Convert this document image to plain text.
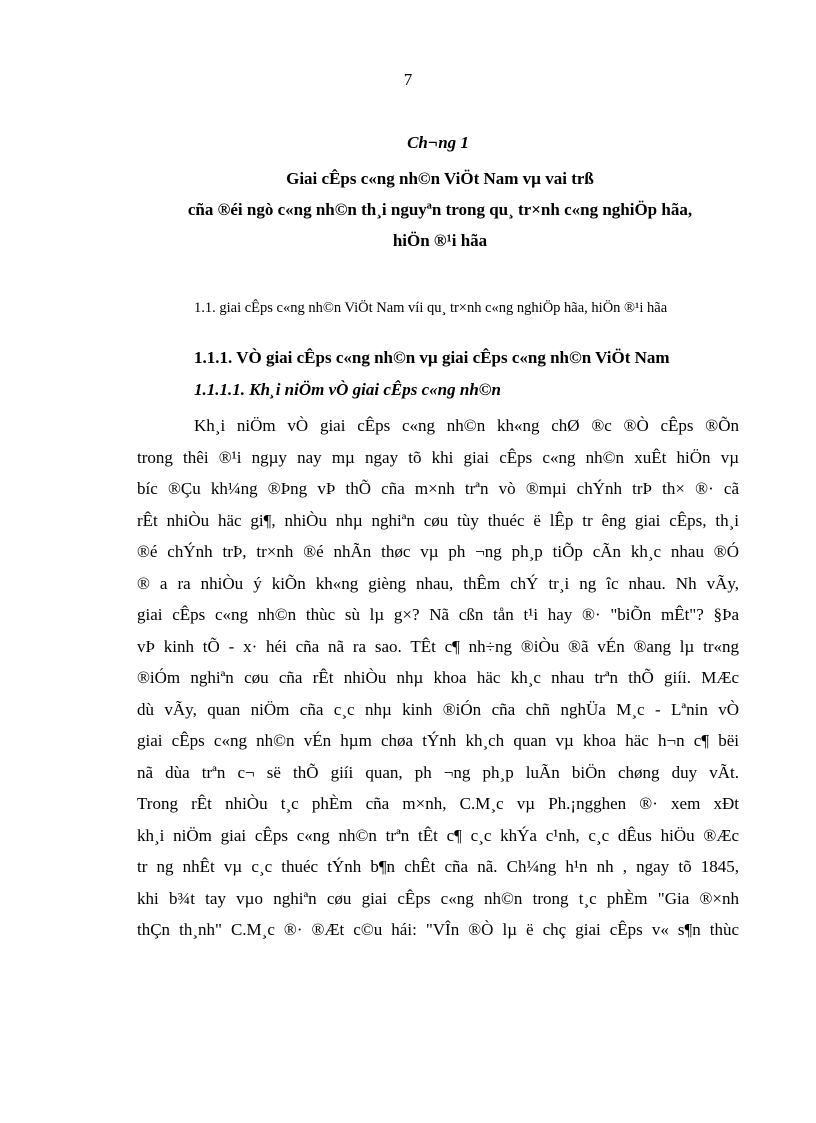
7
Ch¬ng 1
Giai cÊps c«ng nh©n ViÖt Nam vµ vai trß
cña ®éi ngò c«ng nh©n th¸i nguyªn trong qu¸ tr×nh c«ng nghiÖp hãa,
hiÖn ®¹i hãa
1.1. giai cÊps c«ng nh©n ViÖt Nam víi qu¸ tr×nh c«ng nghiÖp hãa, hiÖn ®¹i hãa
1.1.1. VÒ giai cÊps c«ng nh©n vµ giai cÊps c«ng nh©n ViÖt Nam
1.1.1.1. Kh¸i niÖm vÒ giai cÊps c«ng nh©n
Kh¸i niÖm vÒ giai cÊps c«ng nh©n kh«ng chØ ®c ®Ò cÊps ®Õn
trong thêi ®¹i ngµy nay mµ ngay tõ khi giai cÊps c«ng nh©n xuÊt hiÖn vµ
bíc ®Çu kh¼ng ®Þng vÞ thÕ cña m×nh trªn vò ®mµi chÝnh trÞ th× ®· cã
rÊt nhiÒu häc gi¶, nhiÒu nhµ nghiªn cøu tùy thuéc ë lÊp tr êng giai cÊps, th¸i
®é chÝnh trÞ, tr×nh ®é nhÃn thøc vµ ph ¬ng ph¸p tiÕp cÃn kh¸c nhau ®Ó
® a ra nhiÒu ý kiÕn kh«ng gièng nhau, thÊm chÝ tr¸i ng îc nhau. Nh vÃy,
giai cÊps c«ng nh©n thùc sù lµ g×? Nã cßn tån t¹i hay ®· "biÕn mÊt"? §Þa
vÞ kinh tÕ - x· héi cña nã ra sao. TÊt c¶ nh÷ng ®iÒu ®ã vÉn ®ang lµ tr«ng
®iÓm nghiªn cøu cña rÊt nhiÒu nhµ khoa häc kh¸c nhau trªn thÕ giíi. MÆc
dù vÃy, quan niÖm cña c¸c nhµ kinh ®iÓn cña chñ nghÜa M¸c - Lªnin vÒ
giai cÊps c«ng nh©n vÉn hµm chøa tÝnh kh¸ch quan vµ khoa häc h¬n c¶ bëi
nã dùa trªn c¬ së thÕ giíi quan, ph ¬ng ph¸p luÃn biÖn chøng duy vÃt.
Trong rÊt nhiÒu t¸c phÈm cña m×nh, C.M¸c vµ Ph.¡ngghen ®· xem xÐt
kh¸i niÖm giai cÊps c«ng nh©n trªn tÊt c¶ c¸c khÝa c¹nh, c¸c dÊus hiÖu ®Æc
tr ng nhÊt vµ c¸c thuéc tÝnh b¶n chÊt cña nã. Ch¼ng h¹n nh , ngay tõ 1845,
khi b¾t tay vµo nghiªn cøu giai cÊps c«ng nh©n trong t¸c phÈm "Gia ®×nh
thÇn th¸nh" C.M¸c ®· ®Æt c©u hái: "VÎn ®Ò lµ ë chç giai cÊps v« s¶n thùc
